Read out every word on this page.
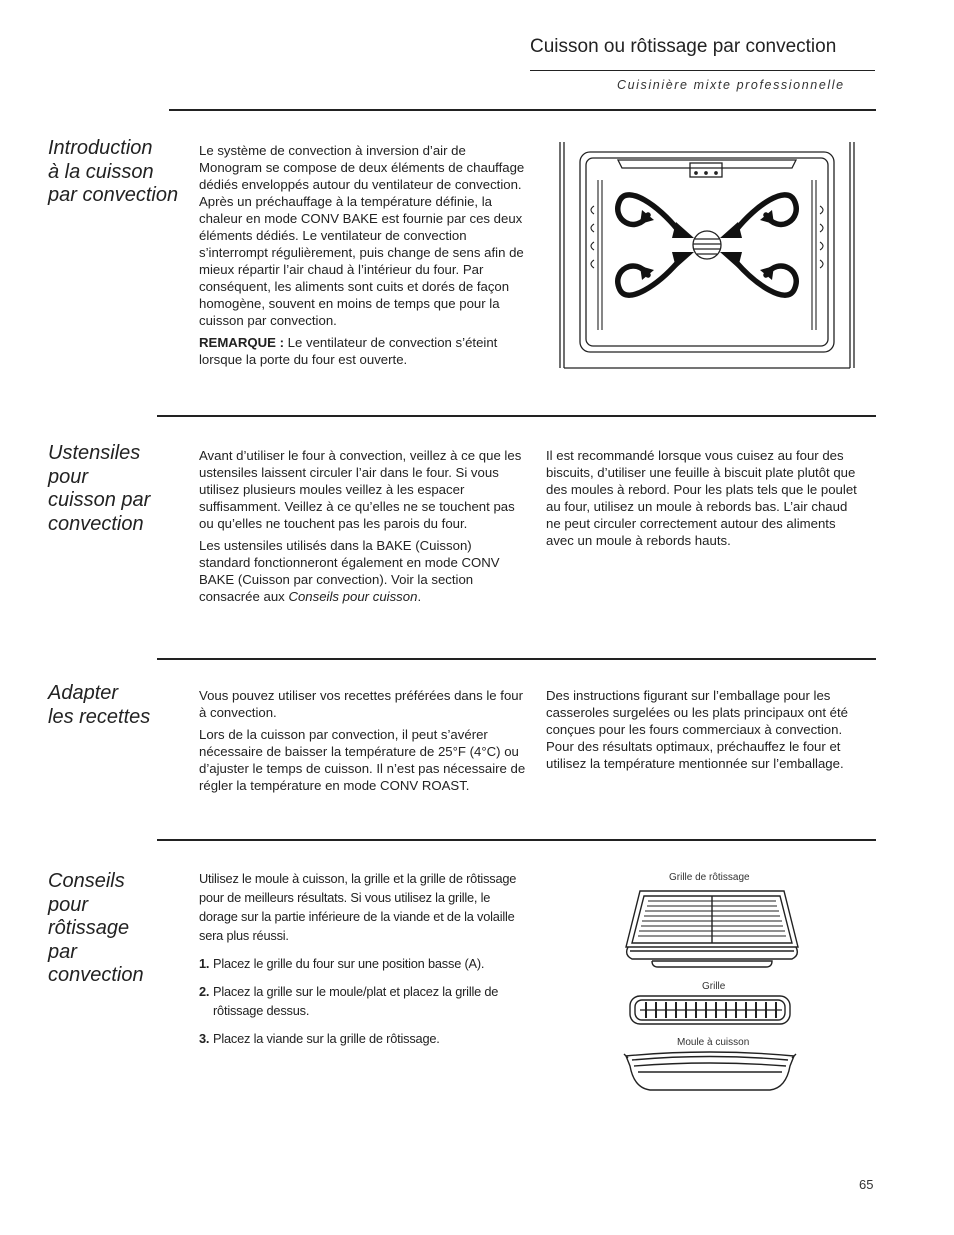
Cuisson ou rôtissage par convection
Cuisinière mixte professionnelle
Introduction
à la cuisson
par convection

Le système de convection à inversion d’air de Monogram se compose de deux éléments de chauffage dédiés enveloppés autour du ventilateur de convection. Après un préchauffage à la température définie, la chaleur en mode CONV BAKE est fournie par ces deux éléments dédiés. Le ventilateur de convection s’interrompt régulièrement, puis change de sens afin de mieux répartir l’air chaud à l’intérieur du four. Par conséquent, les aliments sont cuits et dorés de façon homogène, souvent en moins de temps que pour la cuisson par convection.

REMARQUE : Le ventilateur de convection s’éteint lorsque la porte du four est ouverte.

Ustensiles
pour
cuisson par
convection

Avant d’utiliser le four à convection, veillez à ce que les ustensiles laissent circuler l’air dans le four. Si vous utilisez plusieurs moules veillez à les espacer suffisamment. Veillez à ce qu’elles ne se touchent pas ou qu’elles ne touchent pas les parois du four.

Les ustensiles utilisés dans la BAKE (Cuisson) standard fonctionneront également en mode CONV BAKE (Cuisson par convection). Voir la section consacrée aux Conseils pour cuisson.

Il est recommandé lorsque vous cuisez au four des biscuits, d’utiliser une feuille à biscuit plate plutôt que des moules à rebord. Pour les plats tels que le poulet au four, utilisez un moule à rebords bas. L’air chaud ne peut circuler correctement autour des aliments avec un moule à rebords hauts.

Adapter
les recettes

Vous pouvez utiliser vos recettes préférées dans le four à convection.

Lors de la cuisson par convection, il peut s’avérer nécessaire de baisser la température de 25°F (4°C) ou d’ajuster le temps de cuisson. Il n’est pas nécessaire de régler la température en mode CONV ROAST.

Des instructions figurant sur l’emballage pour les casseroles surgelées ou les plats principaux ont été conçues pour les fours commerciaux à convection. Pour des résultats optimaux, préchauffez le four et utilisez la température mentionnée sur l’emballage.

Conseils
pour
rôtissage
par
convection

Utilisez le moule à cuisson, la grille et la grille de rôtissage pour de meilleurs résultats. Si vous utilisez la grille, le dorage sur la partie inférieure de la viande et de la volaille sera plus réussi.

1. Placez le grille du four sur une position basse (A).
2. Placez la grille sur le moule/plat et placez la grille de rôtissage dessus.
3. Placez la viande sur la grille de rôtissage.
Grille de rôtissage
Grille
Moule à cuisson
65
